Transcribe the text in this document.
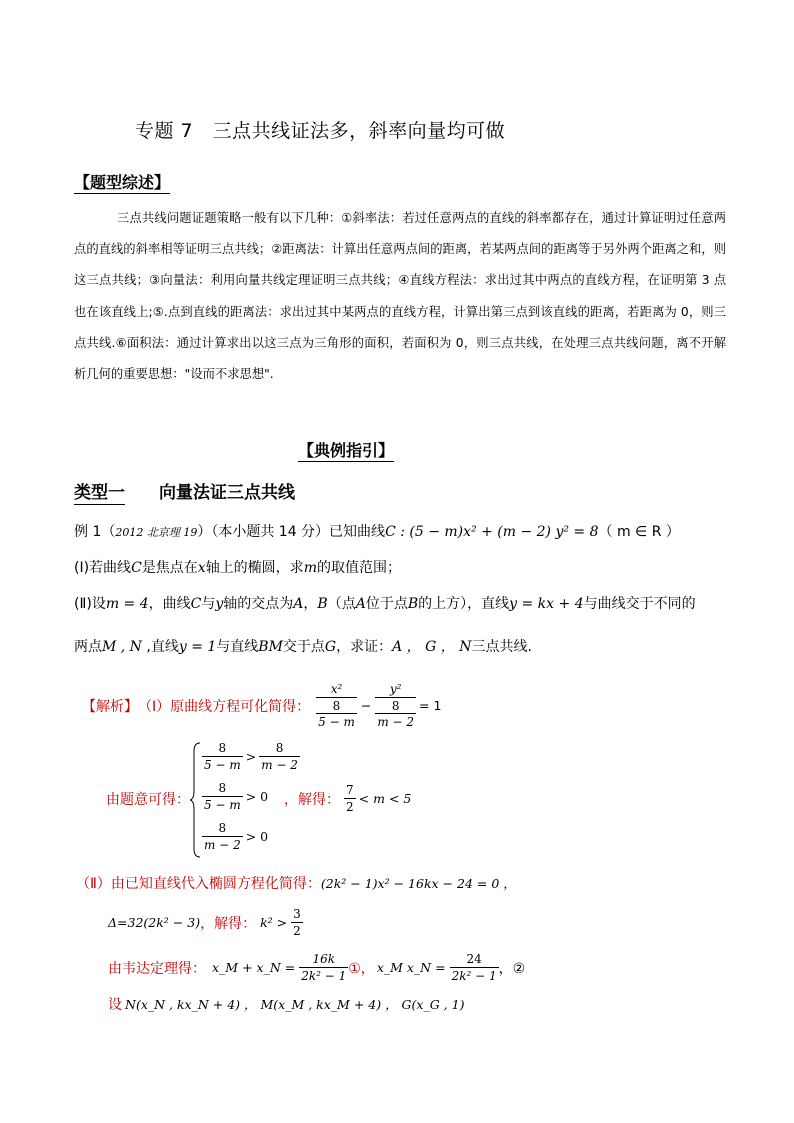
专题 7　三点共线证法多，斜率向量均可做
【题型综述】

三点共线问题证题策略一般有以下几种：①斜率法：若过任意两点的直线的斜率都存在，通过计算证明过任意两点的直线的斜率相等证明三点共线；②距离法：计算出任意两点间的距离，若某两点间的距离等于另外两个距离之和，则这三点共线；③向量法：利用向量共线定理证明三点共线；④直线方程法：求出过其中两点的直线方程，在证明第 3 点也在该直线上;⑤.点到直线的距离法：求出过其中某两点的直线方程，计算出第三点到该直线的距离，若距离为 0，则三点共线.⑥面积法：通过计算求出以这三点为三角形的面积，若面积为 0，则三点共线，在处理三点共线问题，离不开解析几何的重要思想："设而不求思想".

【典例指引】
类型一 向量法证三点共线
例 1（2012 北京理 19）（本小题共 14 分）已知曲线C : (5 − m)x² + (m − 2) y² = 8（ m ∈ R ）
(Ⅰ)若曲线C是焦点在x轴上的椭圆，求m的取值范围；
(Ⅱ)设m = 4，曲线C与y轴的交点为A，B（点A位于点B的上方），直线y = kx + 4与曲线交于不同的
两点M , N ,直线y = 1与直线BM交于点G，求证：A ， G ， N三点共线.
【解析】 （Ⅰ）原曲线方程可化简得：
x²
8
5 − m
−
y²
8
m − 2
= 1
由题意可得：
$\frac{8}{5 - m} > \frac{8}{m - 2}$
$\frac{8}{5 - m} > 0$
$\frac{8}{m - 2} > 0$
，解得： $\frac{7}{2} < m < 5$
（Ⅱ）由已知直线代入椭圆方程化简得：(2k² − 1)x² − 16kx − 24 = 0 ，
Δ=32(2k² − 3) ，解得： $k^2 > \frac{3}{2}$
由韦达定理得： x_M + x_N = $\frac{16k}{\text{2k² − 1}}$ ①， x_M x_N = $\frac{24}{\text{2k² − 1}}$ ，②
设 N(x_N , kx_N + 4) ， M(x_M , kx_M + 4) ， G(x_G , 1)
